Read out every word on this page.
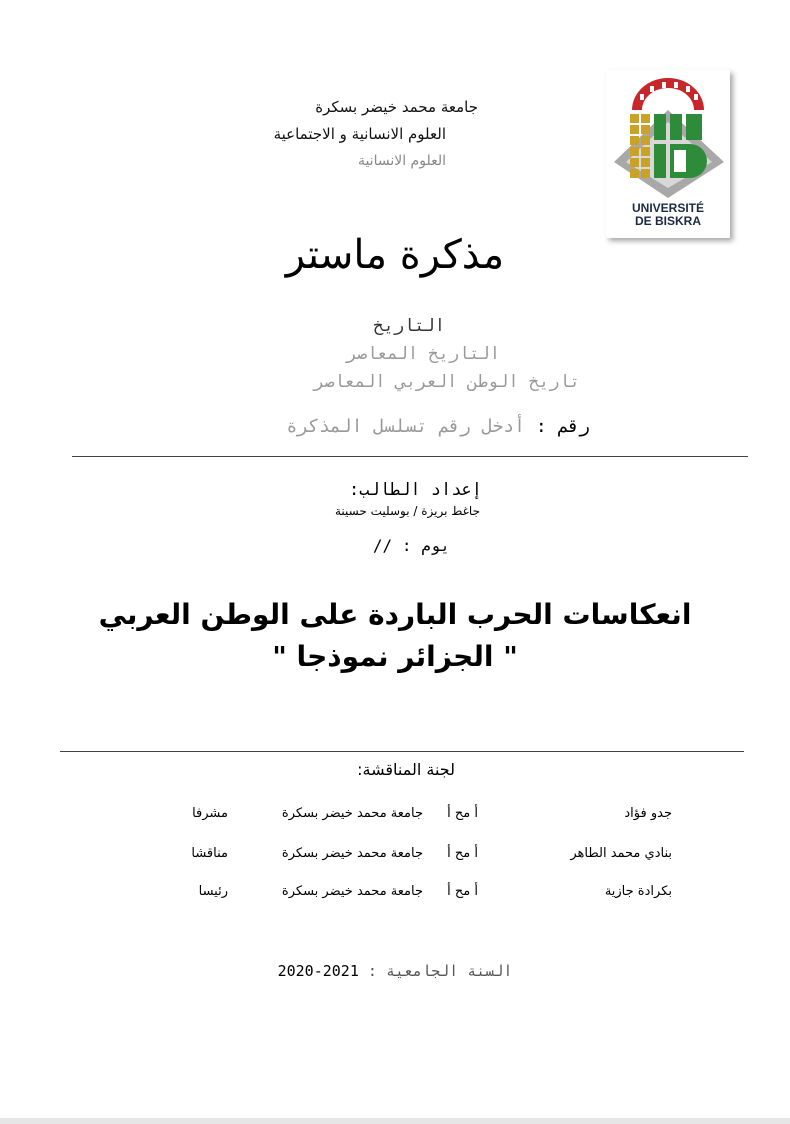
جامعة محمد خيضر بسكرة
العلوم الانسانية و الاجتماعية
العلوم الانسانية
UNIVERSITÉ
DE BISKRA
مذكرة ماستر
التاريخ
التاريخ المعاصر
تاريخ الوطن العربي المعاصر
رقم : أدخل رقم تسلسل المذكرة
إعداد الطالب:
جاغط بريزة / بوسليت حسينة
يوم : //
انعكاسات الحرب الباردة على الوطن العربي
" الجزائر نموذجا "
لجنة المناقشة:
جدو فؤاد
أ مح أ
جامعة محمد خيضر بسكرة
مشرفا
بنادي محمد الطاهر
أ مح أ
جامعة محمد خيضر بسكرة
مناقشا
بكرادة جازية
أ مح أ
جامعة محمد خيضر بسكرة
رئيسا
السنة الجامعية : 2020-2021
